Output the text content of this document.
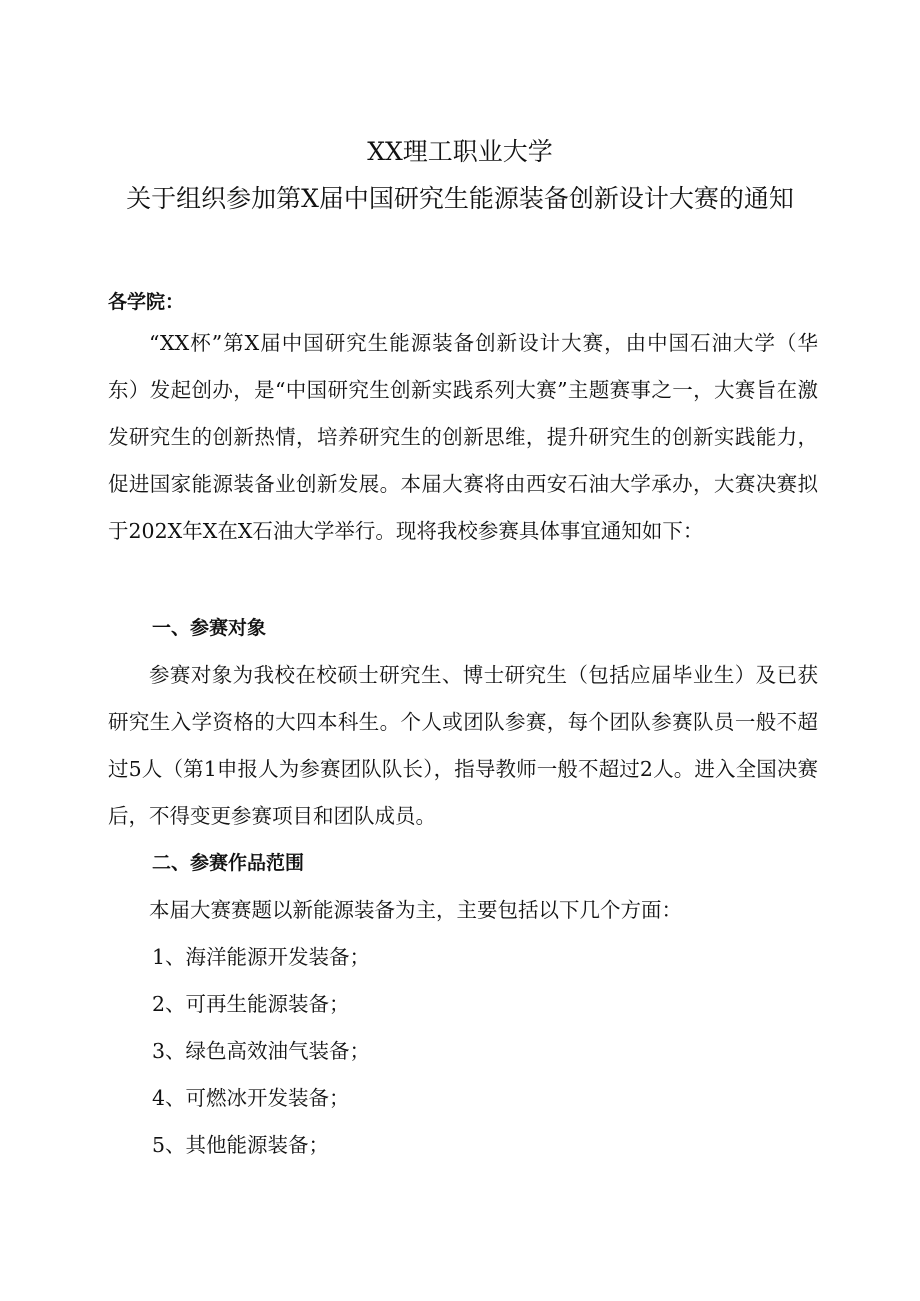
XX理工职业大学
关于组织参加第X届中国研究生能源装备创新设计大赛的通知
各学院：

“XX杯”第X届中国研究生能源装备创新设计大赛，由中国石油大学（华东）发起创办，是“中国研究生创新实践系列大赛”主题赛事之一，大赛旨在激发研究生的创新热情，培养研究生的创新思维，提升研究生的创新实践能力，促进国家能源装备业创新发展。本届大赛将由西安石油大学承办，大赛决赛拟于202X年X在X石油大学举行。现将我校参赛具体事宜通知如下：

一、参赛对象

参赛对象为我校在校硕士研究生、博士研究生（包括应届毕业生）及已获研究生入学资格的大四本科生。个人或团队参赛，每个团队参赛队员一般不超过5人（第1申报人为参赛团队队长），指导教师一般不超过2人。进入全国决赛后，不得变更参赛项目和团队成员。

二、参赛作品范围

本届大赛赛题以新能源装备为主，主要包括以下几个方面：

1、海洋能源开发装备；
2、可再生能源装备；
3、绿色高效油气装备；
4、可燃冰开发装备；
5、其他能源装备；
